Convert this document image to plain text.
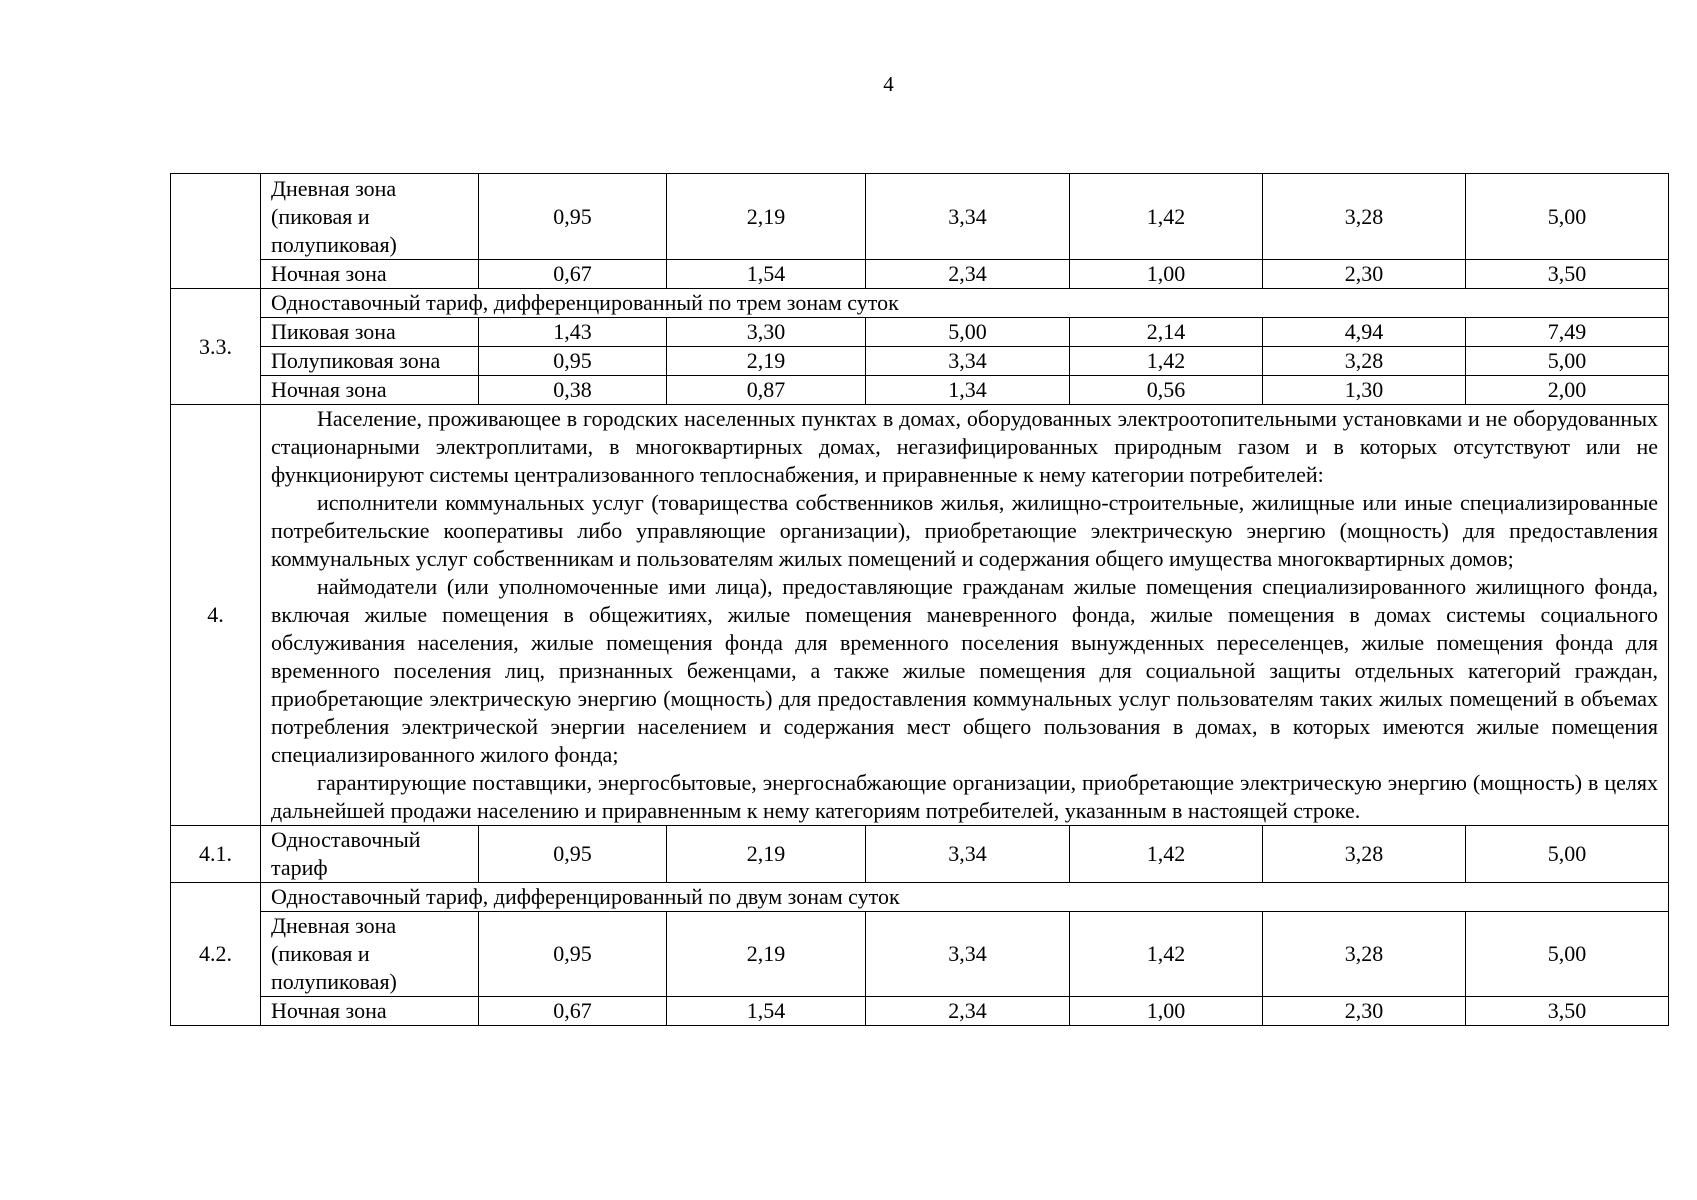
4
	Дневная зона (пиковая и полупиковая)	0,95	2,19	3,34	1,42	3,28	5,00
	Ночная зона	0,67	1,54	2,34	1,00	2,30	3,50
3.3.	Одноставочный тариф, дифференцированный по трем зонам суток						
	Пиковая зона	1,43	3,30	5,00	2,14	4,94	7,49
	Полупиковая зона	0,95	2,19	3,34	1,42	3,28	5,00
	Ночная зона	0,38	0,87	1,34	0,56	1,30	2,00
4.	Население, проживающее в городских населенных пунктах в домах, оборудованных электроотопительными установками и не оборудованных стационарными электроплитами, в многоквартирных домах, негазифицированных природным газом и в которых отсутствуют или не функционируют системы централизованного теплоснабжения, и приравненные к нему категории потребителей:

исполнители коммунальных услуг (товарищества собственников жилья, жилищно-строительные, жилищные или иные специализированные потребительские кооперативы либо управляющие организации), приобретающие электрическую энергию (мощность) для предоставления коммунальных услуг собственникам и пользователям жилых помещений и содержания общего имущества многоквартирных домов;

наймодатели (или уполномоченные ими лица), предоставляющие гражданам жилые помещения специализированного жилищного фонда, включая жилые помещения в общежитиях, жилые помещения маневренного фонда, жилые помещения в домах системы социального обслуживания населения, жилые помещения фонда для временного поселения вынужденных переселенцев, жилые помещения фонда для временного поселения лиц, признанных беженцами, а также жилые помещения для социальной защиты отдельных категорий граждан, приобретающие электрическую энергию (мощность) для предоставления коммунальных услуг пользователям таких жилых помещений в объемах потребления электрической энергии населением и содержания мест общего пользования в домах, в которых имеются жилые помещения специализированного жилого фонда;

гарантирующие поставщики, энергосбытовые, энергоснабжающие организации, приобретающие электрическую энергию (мощность) в целях дальнейшей продажи населению и приравненным к нему категориям потребителей, указанным в настоящей строке.						

4.1.	Одноставочный тариф	0,95	2,19	3,34	1,42	3,28	5,00
4.2.	Одноставочный тариф, дифференцированный по двум зонам суток						
	Дневная зона (пиковая и полупиковая)	0,95	2,19	3,34	1,42	3,28	5,00
	Ночная зона	0,67	1,54	2,34	1,00	2,30	3,50
